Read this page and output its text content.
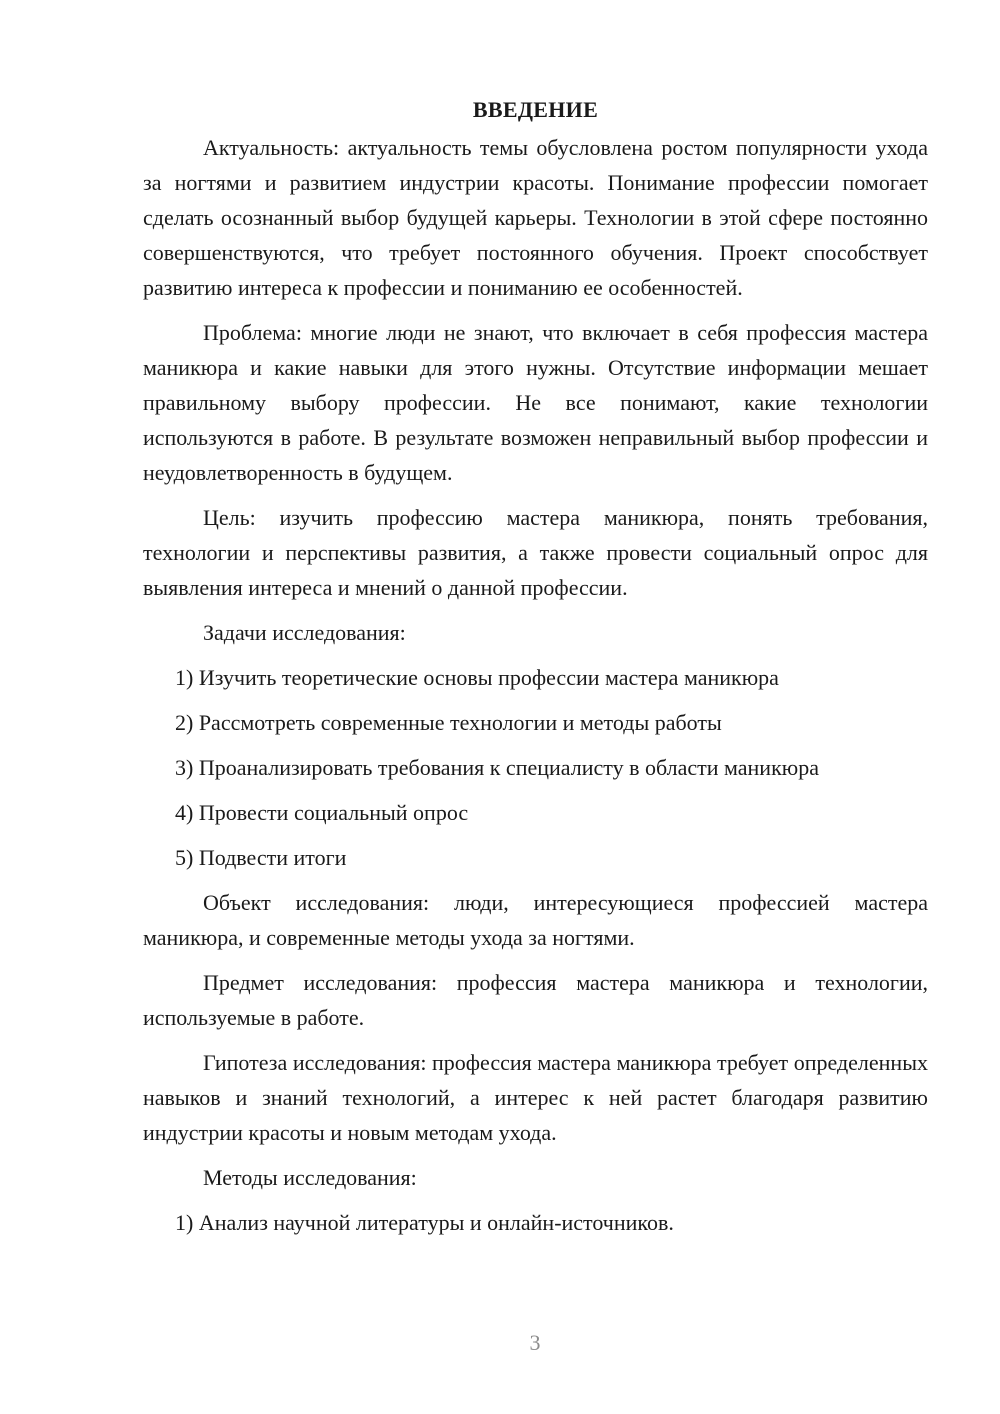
ВВЕДЕНИЕ

Актуальность: актуальность темы обусловлена ростом популярности ухода за ногтями и развитием индустрии красоты. Понимание профессии помогает сделать осознанный выбор будущей карьеры. Технологии в этой сфере постоянно совершенствуются, что требует постоянного обучения. Проект способствует развитию интереса к профессии и пониманию ее особенностей.

Проблема: многие люди не знают, что включает в себя профессия мастера маникюра и какие навыки для этого нужны. Отсутствие информации мешает правильному выбору профессии. Не все понимают, какие технологии используются в работе. В результате возможен неправильный выбор профессии и неудовлетворенность в будущем.

Цель: изучить профессию мастера маникюра, понять требования, технологии и перспективы развития, а также провести социальный опрос для выявления интереса и мнений о данной профессии.

Задачи исследования:
1) Изучить теоретические основы профессии мастера маникюра
2) Рассмотреть современные технологии и методы работы
3) Проанализировать требования к специалисту в области маникюра
4) Провести социальный опрос
5) Подвести итоги

Объект исследования: люди, интересующиеся профессией мастера маникюра, и современные методы ухода за ногтями.

Предмет исследования: профессия мастера маникюра и технологии, используемые в работе.

Гипотеза исследования: профессия мастера маникюра требует определенных навыков и знаний технологий, а интерес к ней растет благодаря развитию индустрии красоты и новым методам ухода.

Методы исследования:
1) Анализ научной литературы и онлайн-источников.
3
